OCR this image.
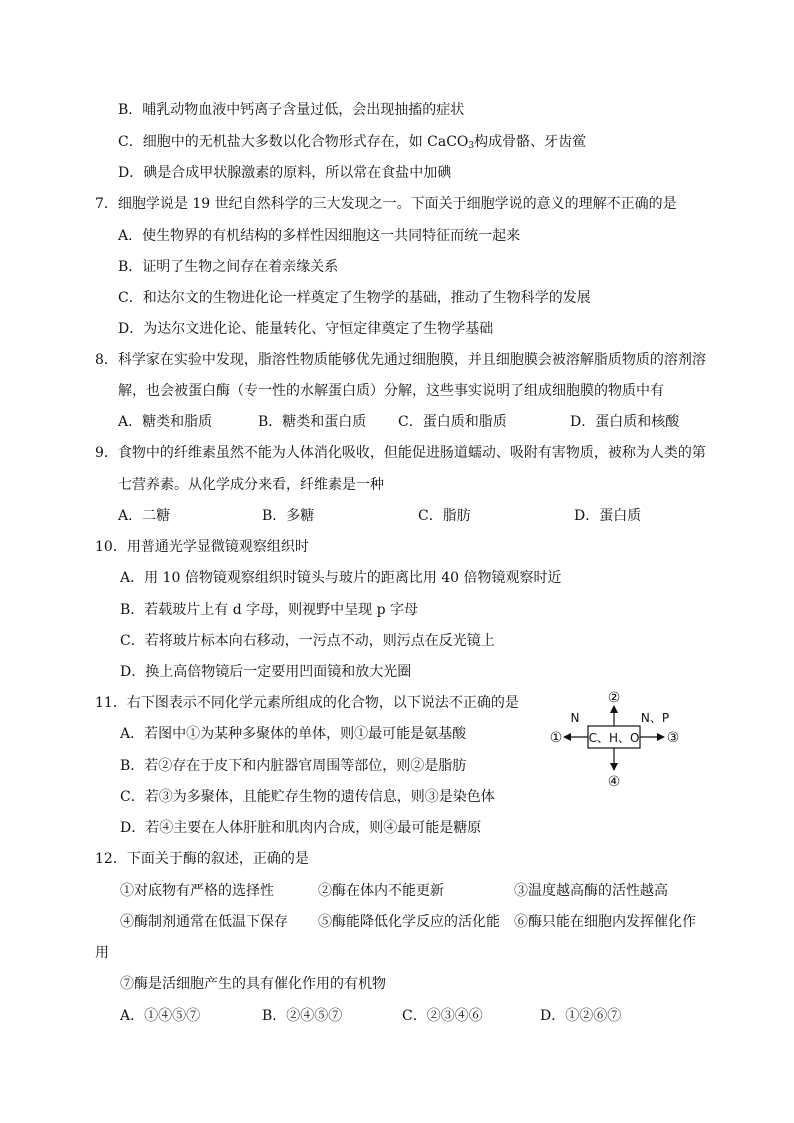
B．哺乳动物血液中钙离子含量过低，会出现抽搐的症状
C．细胞中的无机盐大多数以化合物形式存在，如 CaCO$_3$构成骨骼、牙齿鲎
D．碘是合成甲状腺激素的原料，所以常在食盐中加碘
7．细胞学说是 19 世纪自然科学的三大发现之一。下面关于细胞学说的意义的理解不正确的是
A．使生物界的有机结构的多样性因细胞这一共同特征而统一起来
B．证明了生物之间存在着亲缘关系
C．和达尔文的生物进化论一样奠定了生物学的基础，推动了生物科学的发展
D．为达尔文进化论、能量转化、守恒定律奠定了生物学基础
8．科学家在实验中发现，脂溶性物质能够优先通过细胞膜，并且细胞膜会被溶解脂质物质的溶剂溶
解，也会被蛋白酶（专一性的水解蛋白质）分解，这些事实说明了组成细胞膜的物质中有
A．糖类和脂质	B．糖类和蛋白质 C．蛋白质和脂质	D．蛋白质和核酸
9．食物中的纤维素虽然不能为人体消化吸收，但能促进肠道蠕动、吸附有害物质，被称为人类的第
七营养素。从化学成分来看，纤维素是一种
A．二糖	B．多糖	C．脂肪	D．蛋白质
10．用普通光学显微镜观察组织时
A．用 10 倍物镜观察组织时镜头与玻片的距离比用 40 倍物镜观察时近
B．若载玻片上有 d 字母，则视野中呈现 p 字母
C．若将玻片标本向右移动，一污点不动，则污点在反光镜上
D．换上高倍物镜后一定要用凹面镜和放大光圈
11．右下图表示不同化学元素所组成的化合物，以下说法不正确的是
A．若图中①为某种多聚体的单体，则①最可能是氨基酸
B．若②存在于皮下和内脏器官周围等部位，则②是脂肪
C．若③为多聚体，且能贮存生物的遗传信息，则③是染色体
D．若④主要在人体肝脏和肌肉内合成，则④最可能是糖原
C、H、O
②
④
①	③
N	N、P
12．下面关于酶的叙述，正确的是
①对底物有严格的选择性	②酶在体内不能更新	③温度越高酶的活性越高
④酶制剂通常在低温下保存 ⑤酶能降低化学反应的活化能 ⑥酶只能在细胞内发挥催化作
用
⑦酶是活细胞产生的具有催化作用的有机物
A．①④⑤⑦	B．②④⑤⑦	C．②③④⑥	D．①②⑥⑦
